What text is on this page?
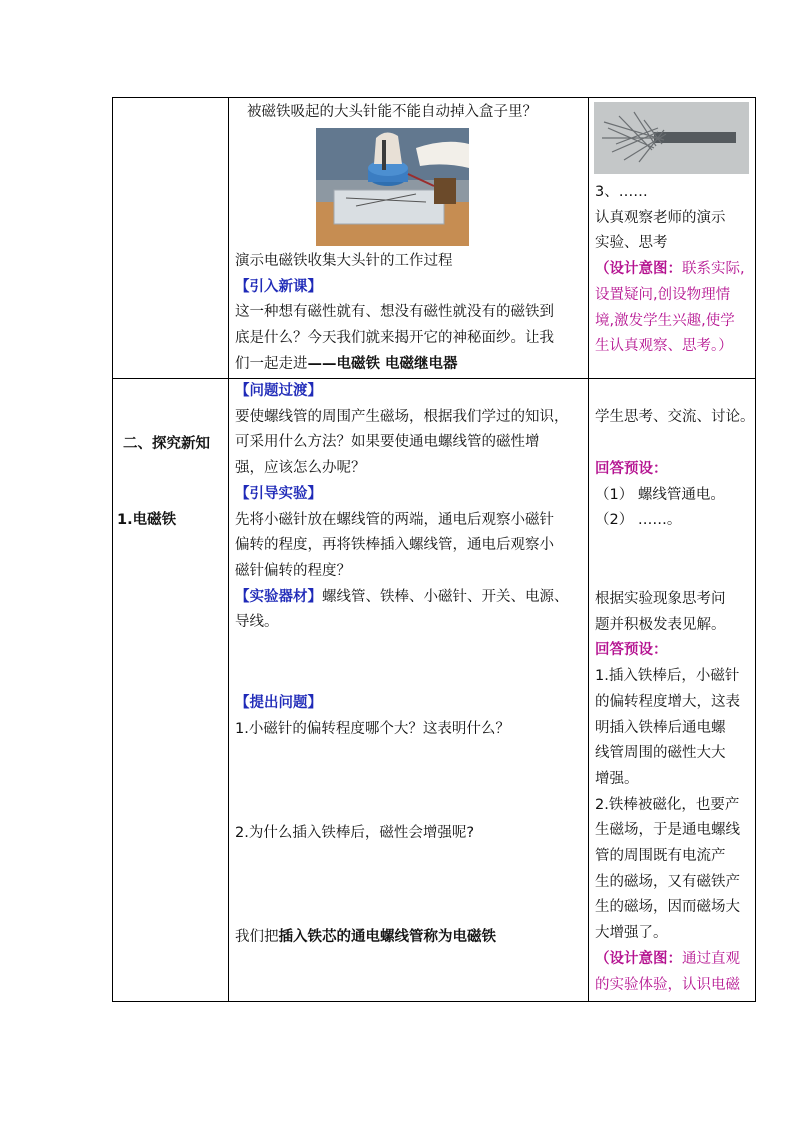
被磁铁吸起的大头针能不能自动掉入盒子里？
演示电磁铁收集大头针的工作过程
【引入新课】
这一种想有磁性就有、想没有磁性就没有的磁铁到
底是什么？今天我们就来揭开它的神秘面纱。让我
们一起走进——电磁铁 电磁继电器
3、……
认真观察老师的演示
实验、思考
（设计意图：联系实际,
设置疑问,创设物理情
境,激发学生兴趣,使学
生认真观察、思考。）
二、探究新知
1.电磁铁
【问题过渡】
要使螺线管的周围产生磁场，根据我们学过的知识，
可采用什么方法？如果要使通电螺线管的磁性增
强，应该怎么办呢？
【引导实验】
先将小磁针放在螺线管的两端，通电后观察小磁针
偏转的程度，再将铁棒插入螺线管，通电后观察小
磁针偏转的程度？
【实验器材】螺线管、铁棒、小磁针、开关、电源、
导线。
【提出问题】
1.小磁针的偏转程度哪个大？这表明什么？
2.为什么插入铁棒后，磁性会增强呢?
我们把插入铁芯的通电螺线管称为电磁铁
学生思考、交流、讨论。
回答预设：
（1） 螺线管通电。
（2） ……。
根据实验现象思考问
题并积极发表见解。
回答预设：
1.插入铁棒后，小磁针
的偏转程度增大，这表
明插入铁棒后通电螺
线管周围的磁性大大
增强。
2.铁棒被磁化，也要产
生磁场，于是通电螺线
管的周围既有电流产
生的磁场，又有磁铁产
生的磁场，因而磁场大
大增强了。
（设计意图：通过直观
的实验体验，认识电磁
